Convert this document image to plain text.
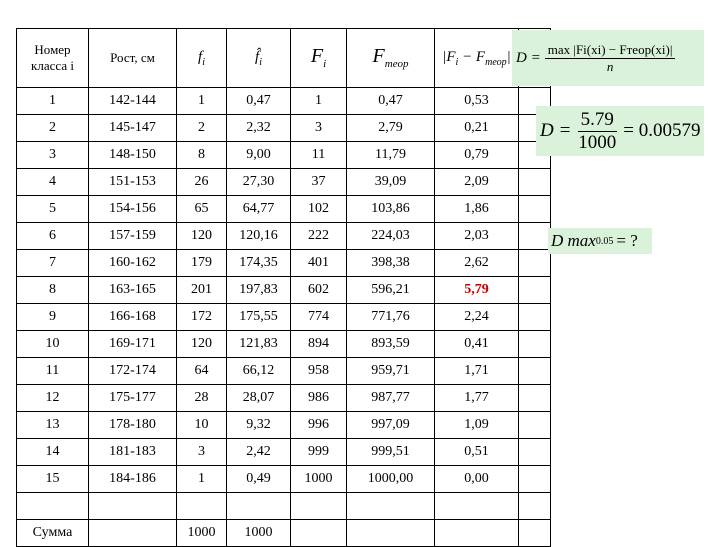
Номер класса i	Рост, см	$f_i$	$f̂_i$	$F_i$	$F_{теор}$	$|F_i - F_{теор}|$	
1	142-144	1	0,47	1	0,47	0,53	
2	145-147	2	2,32	3	2,79	0,21	
3	148-150	8	9,00	11	11,79	0,79	
4	151-153	26	27,30	37	39,09	2,09	
5	154-156	65	64,77	102	103,86	1,86	
6	157-159	120	120,16	222	224,03	2,03	
7	160-162	179	174,35	401	398,38	2,62	
8	163-165	201	197,83	602	596,21	5,79	
9	166-168	172	175,55	774	771,76	2,24	
10	169-171	120	121,83	894	893,59	0,41	
11	172-174	64	66,12	958	959,71	1,71	
12	175-177	28	28,07	986	987,77	1,77	
13	178-180	10	9,32	996	997,09	1,09	
14	181-183	3	2,42	999	999,51	0,51	
15	184-186	1	0,49	1000	1000,00	0,00	

Сумма		1000	1000				
$D = \frac{\text{max |Fi(xi) − Fтеор(xi)|}}{n}$
$D = \frac{5.79}{1000} = 0.00579$
D max 0.05 = ?
